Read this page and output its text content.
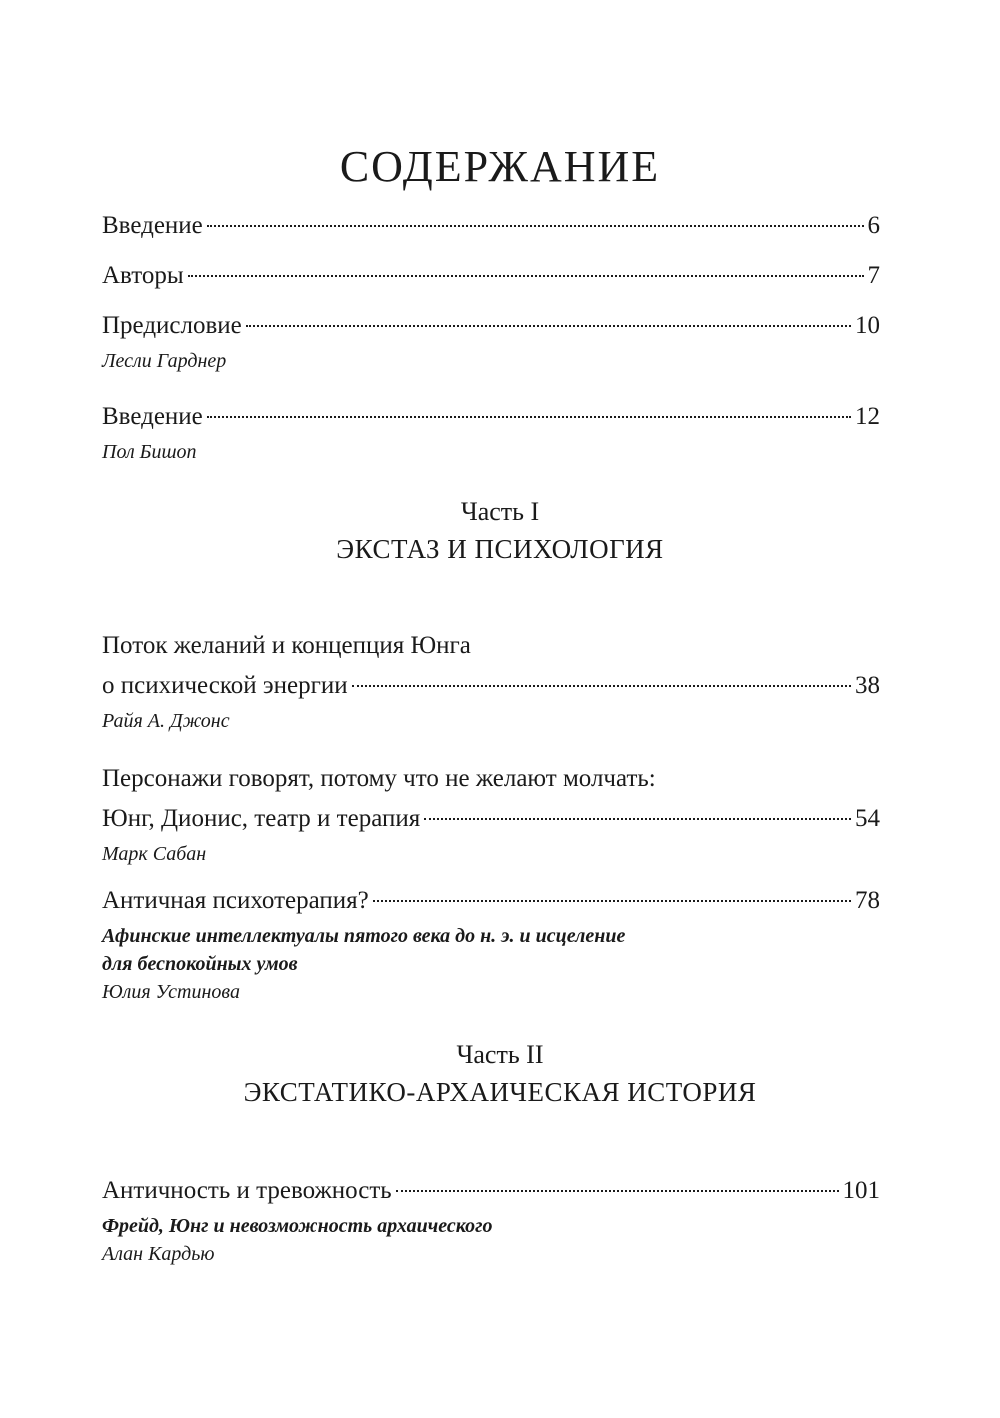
СОДЕРЖАНИЕ
Введение	6
Авторы	7
Предисловие	10
Лесли Гарднер
Введение	12
Пол Бишоп
Часть I
ЭКСТАЗ И ПСИХОЛОГИЯ
Поток желаний и концепция Юнга
о психической энергии	38
Райя А. Джонс
Персонажи говорят, потому что не желают молчать:
Юнг, Дионис, театр и терапия	54
Марк Сабан
Античная психотерапия?	78
Афинские интеллектуалы пятого века до н. э. и исцеление
для беспокойных умов
Юлия Устинова
Часть II
ЭКСТАТИКО-АРХАИЧЕСКАЯ ИСТОРИЯ
Античность и тревожность	101
Фрейд, Юнг и невозможность архаического
Алан Кардью
